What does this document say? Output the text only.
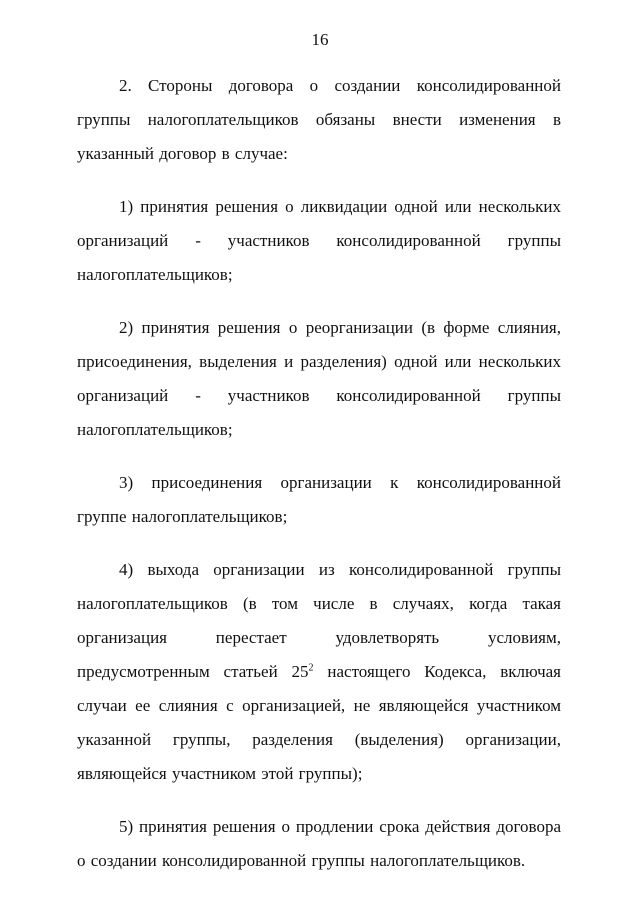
16

2. Стороны договора о создании консолидированной группы налогоплательщиков обязаны внести изменения в указанный договор в случае:

1) принятия решения о ликвидации одной или нескольких организаций - участников консолидированной группы налогоплательщиков;

2) принятия решения о реорганизации (в форме слияния, присоединения, выделения и разделения) одной или нескольких организаций - участников консолидированной группы налогоплательщиков;

3) присоединения организации к консолидированной группе налогоплательщиков;

4) выхода организации из консолидированной группы налогоплательщиков (в том числе в случаях, когда такая организация перестает удовлетворять условиям, предусмотренным статьей $25^2$ настоящего Кодекса, включая случаи ее слияния с организацией, не являющейся участником указанной группы, разделения (выделения) организации, являющейся участником этой группы);

5) принятия решения о продлении срока действия договора о создании консолидированной группы налогоплательщиков.
